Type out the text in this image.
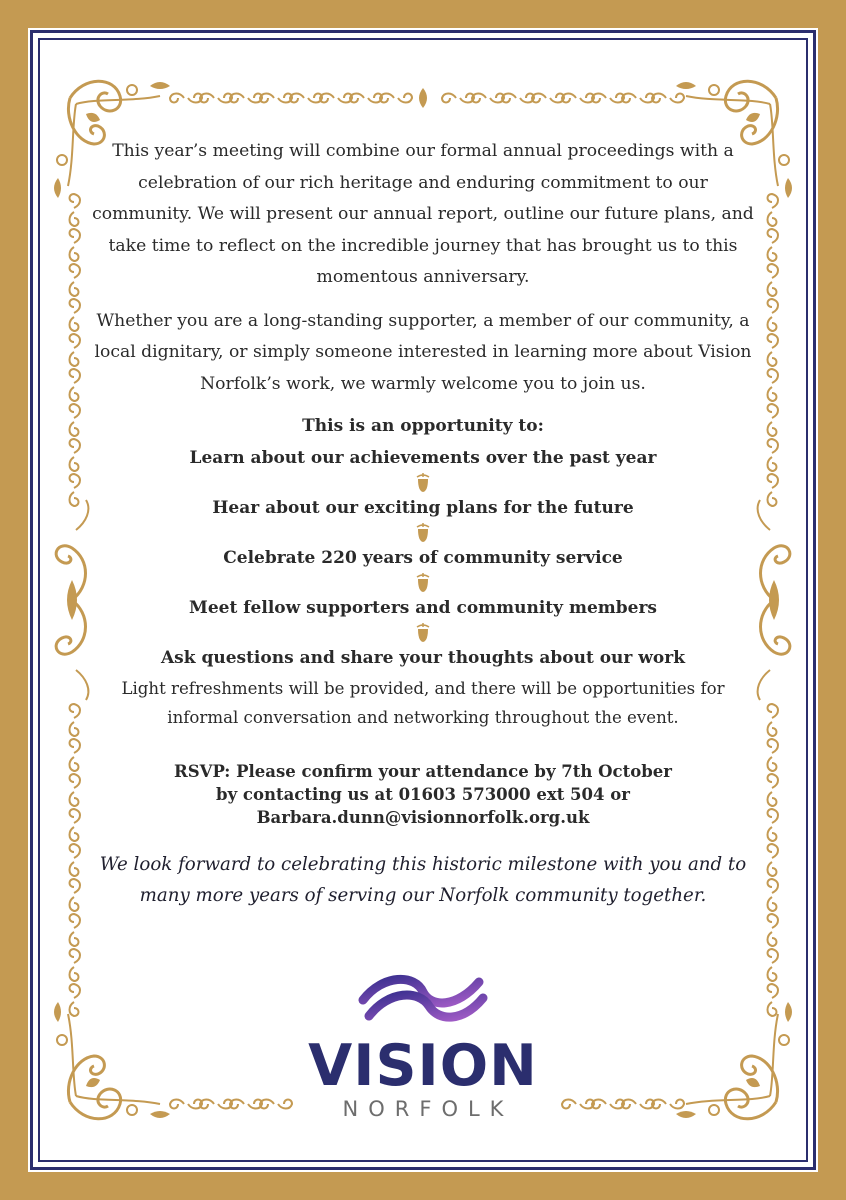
This year’s meeting will combine our formal annual proceedings with a celebration of our rich heritage and enduring commitment to our community. We will present our annual report, outline our future plans, and take time to reflect on the incredible journey that has brought us to this momentous anniversary.

Whether you are a long-standing supporter, a member of our community, a local dignitary, or simply someone interested in learning more about Vision Norfolk’s work, we warmly welcome you to join us.

This is an opportunity to:

Learn about our achievements over the past year

Hear about our exciting plans for the future

Celebrate 220 years of community service

Meet fellow supporters and community members

Ask questions and share your thoughts about our work

Light refreshments will be provided, and there will be opportunities for informal conversation and networking throughout the event.

RSVP: Please confirm your attendance by 7th October
by contacting us at 01603 573000 ext 504 or
Barbara.dunn@visionnorfolk.org.uk

We look forward to celebrating this historic milestone with you and to many more years of serving our Norfolk community together.

VISION
NORFOLK
